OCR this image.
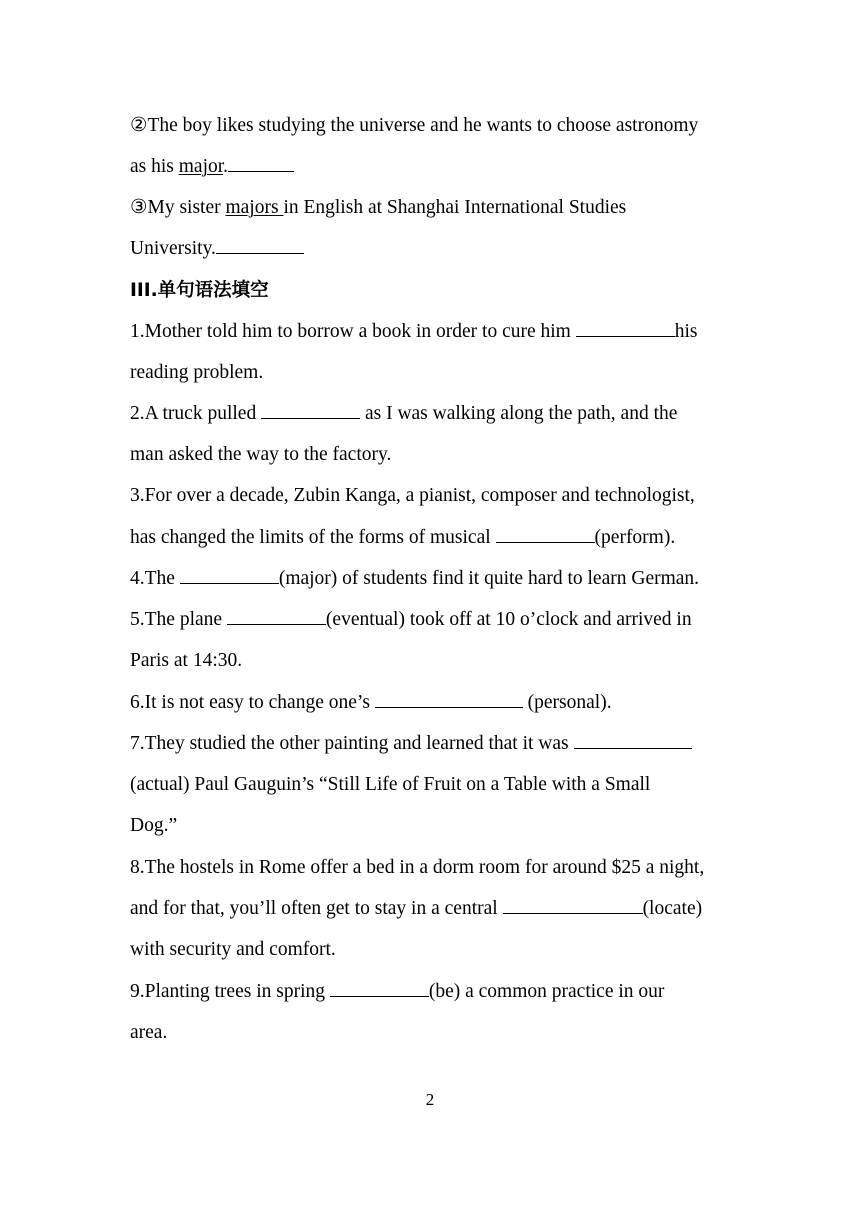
②The boy likes studying the universe and he wants to choose astronomy
as his major.
③My sister majors in English at Shanghai International Studies
University.
III.单句语法填空
1.Mother told him to borrow a book in order to cure him	his
reading problem.
2.A truck pulled	as I was walking along the path, and the
man asked the way to the factory.
3.For over a decade, Zubin Kanga, a pianist, composer and technologist,
has changed the limits of the forms of musical	(perform).
4.The	(major) of students find it quite hard to learn German.
5.The plane	(eventual) took off at 10 o’clock and arrived in
Paris at 14:30.
6.It is not easy to change one’s	(personal).
7.They studied the other painting and learned that it was
(actual) Paul Gauguin’s “Still Life of Fruit on a Table with a Small
Dog.”
8.The hostels in Rome offer a bed in a dorm room for around $25 a night,
and for that, you’ll often get to stay in a central	(locate)
with security and comfort.
9.Planting trees in spring	(be) a common practice in our
area.
2
